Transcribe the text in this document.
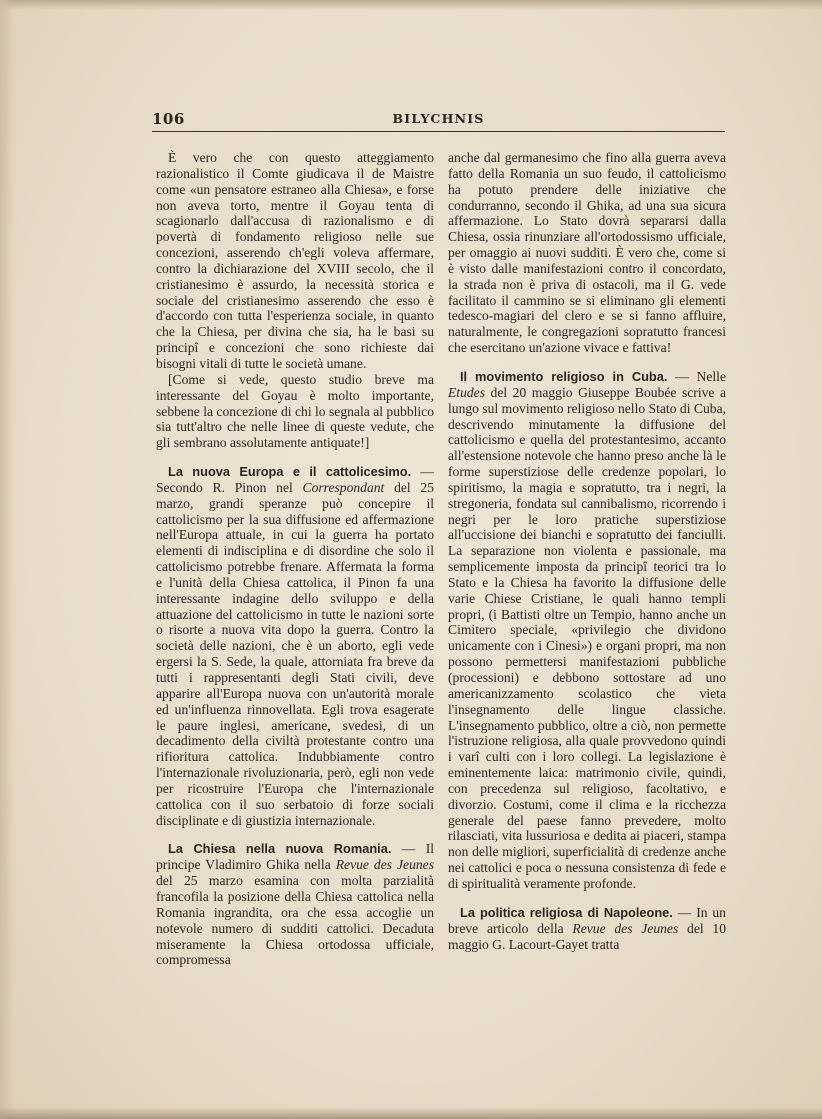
106	BILYCHNIS

È vero che con questo atteggiamento razionalistico il Comte giudicava il de Maistre come «un pensatore estraneo alla Chiesa», e forse non aveva torto, mentre il Goyau tenta di scagionarlo dall'accusa di razionalismo e di povertà di fondamento religioso nelle sue concezioni, asserendo ch'egli voleva affermare, contro la dichiarazione del XVIII secolo, che il cristianesimo è assurdo, la necessità storica e sociale del cristianesimo asserendo che esso è d'accordo con tutta l'esperienza sociale, in quanto che la Chiesa, per divina che sia, ha le basi su principî e concezioni che sono richieste dai bisogni vitali di tutte le società umane.

[Come si vede, questo studio breve ma interessante del Goyau è molto importante, sebbene la concezione di chi lo segnala al pubblico sia tutt'altro che nelle linee di queste vedute, che gli sembrano assolutamente antiquate!]

La nuova Europa e il cattolicesimo. — Secondo R. Pinon nel Correspondant del 25 marzo, grandi speranze può concepire il cattolicismo per la sua diffusione ed affermazione nell'Europa attuale, in cui la guerra ha portato elementi di indisciplina e di disordine che solo il cattolicismo potrebbe frenare. Affermata la forma e l'unità della Chiesa cattolica, il Pinon fa una interessante indagine dello sviluppo e della attuazione del cattolicismo in tutte le nazioni sorte o risorte a nuova vita dopo la guerra. Contro la società delle nazioni, che è un aborto, egli vede ergersi la S. Sede, la quale, attorniata fra breve da tutti i rappresentanti degli Stati civili, deve apparire all'Europa nuova con un'autorità morale ed un'influenza rinnovellata. Egli trova esagerate le paure inglesi, americane, svedesi, di un decadimento della civiltà protestante contro una rifioritura cattolica. Indubbiamente contro l'internazionale rivoluzionaria, però, egli non vede per ricostruire l'Europa che l'internazionale cattolica con il suo serbatoio di forze sociali disciplinate e di giustizia internazionale.

La Chiesa nella nuova Romania. — Il principe Vladimiro Ghika nella Revue des Jeunes del 25 marzo esamina con molta parzialità francofila la posizione della Chiesa cattolica nella Romania ingrandita, ora che essa accoglie un notevole numero di sudditi cattolici. Decaduta miseramente la Chiesa ortodossa ufficiale, compromessa

anche dal germanesimo che fino alla guerra aveva fatto della Romania un suo feudo, il cattolicismo ha potuto prendere delle iniziative che condurranno, secondo il Ghika, ad una sua sicura affermazione. Lo Stato dovrà separarsi dalla Chiesa, ossia rinunziare all'ortodossismo ufficiale, per omaggio ai nuovi sudditi. È vero che, come si è visto dalle manifestazioni contro il concordato, la strada non è priva di ostacoli, ma il G. vede facilitato il cammino se si eliminano gli elementi tedesco-magiari del clero e se si fanno affluire, naturalmente, le congregazioni sopratutto francesi che esercitano un'azione vivace e fattiva!

Il movimento religioso in Cuba. — Nelle Etudes del 20 maggio Giuseppe Boubée scrive a lungo sul movimento religioso nello Stato di Cuba, descrivendo minutamente la diffusione del cattolicismo e quella del protestantesimo, accanto all'estensione notevole che hanno preso anche là le forme superstiziose delle credenze popolari, lo spiritismo, la magia e sopratutto, tra i negri, la stregoneria, fondata sul cannibalismo, ricorrendo i negri per le loro pratiche superstiziose all'uccisione dei bianchi e sopratutto dei fanciulli. La separazione non violenta e passionale, ma semplicemente imposta da principî teorici tra lo Stato e la Chiesa ha favorito la diffusione delle varie Chiese Cristiane, le quali hanno templi propri, (i Battisti oltre un Tempio, hanno anche un Cimitero speciale, «privilegio che dividono unicamente con i Cinesi») e organi propri, ma non possono permettersi manifestazioni pubbliche (processioni) e debbono sottostare ad uno americanizzamento scolastico che vieta l'insegnamento delle lingue classiche. L'insegnamento pubblico, oltre a ciò, non permette l'istruzione religiosa, alla quale provvedono quindi i varî culti con i loro collegi. La legislazione è eminentemente laica: matrimonio civile, quindi, con precedenza sul religioso, facoltativo, e divorzio. Costumi, come il clima e la ricchezza generale del paese fanno prevedere, molto rilasciati, vita lussuriosa e dedita ai piaceri, stampa non delle migliori, superficialità di credenze anche nei cattolici e poca o nessuna consistenza di fede e di spiritualità veramente profonde.

La politica religiosa di Napoleone. — In un breve articolo della Revue des Jeunes del 10 maggio G. Lacourt-Gayet tratta
